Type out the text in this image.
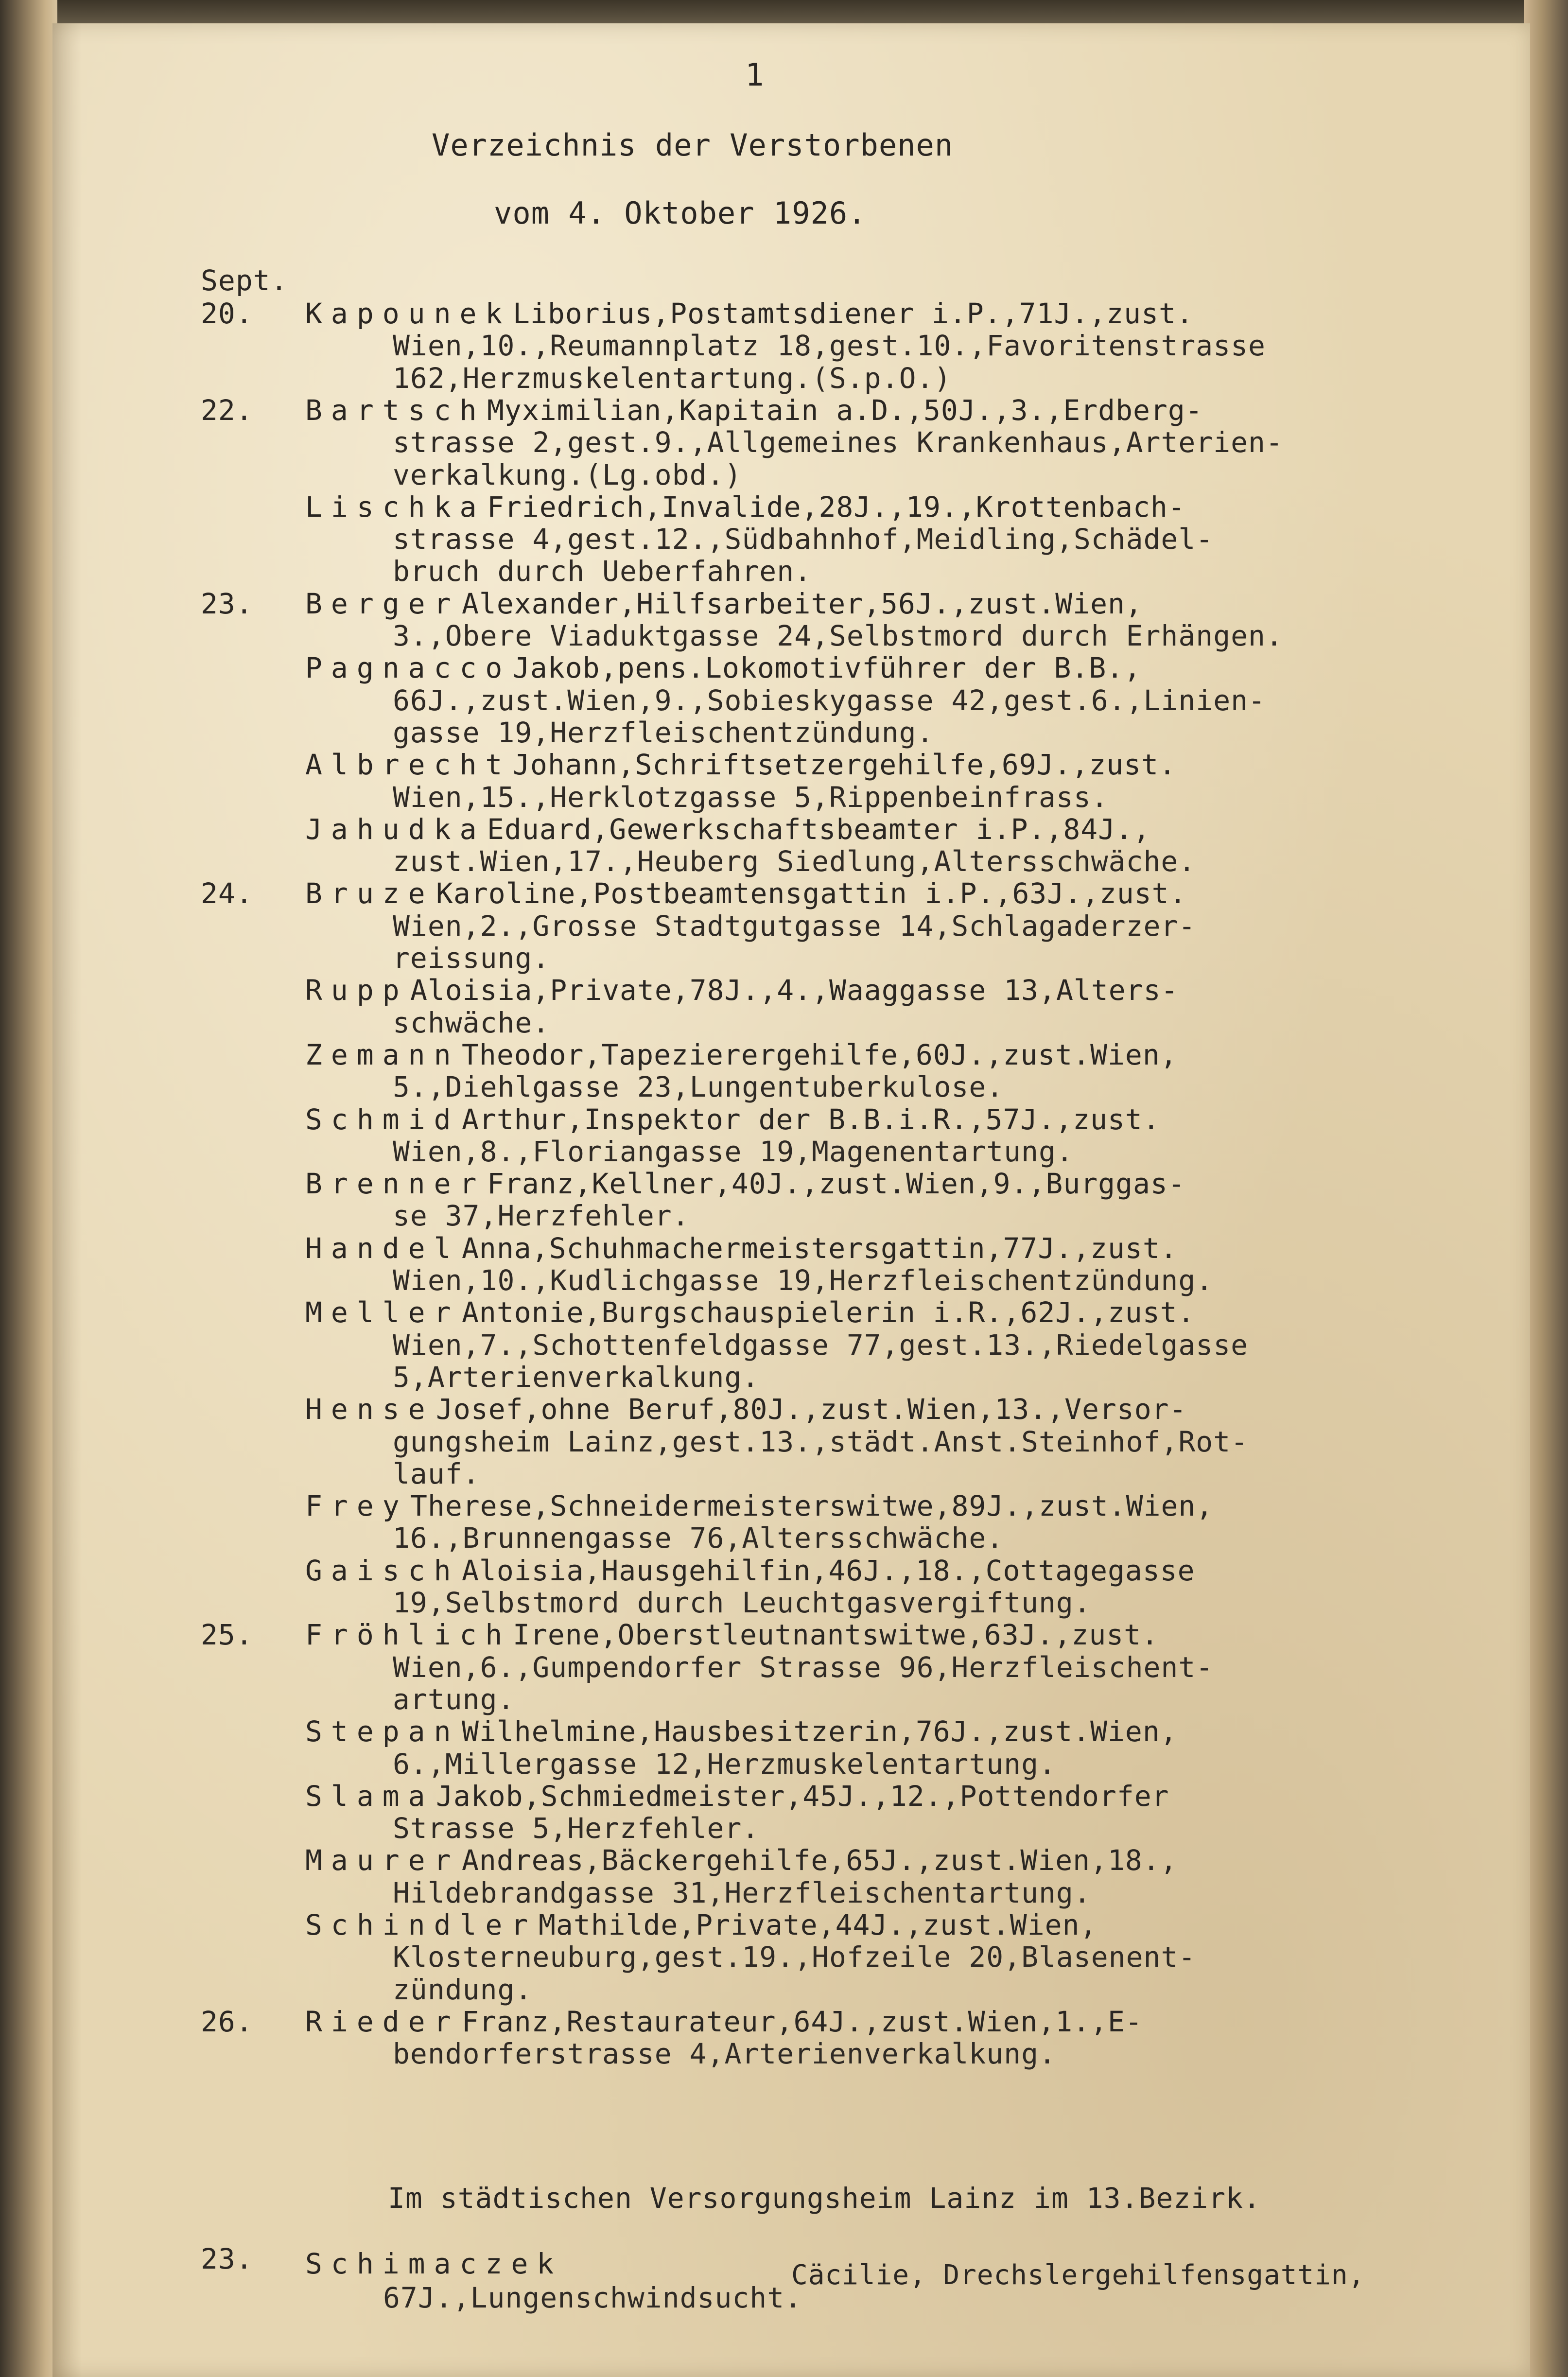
1
Verzeichnis der Verstorbenen
vom 4. Oktober 1926.
Sept.
20. Kapounek Liborius,Postamtsdiener i.P.,71J.,zust.
Wien,10.,Reumannplatz 18,gest.10.,Favoritenstrasse
162,Herzmuskelentartung.(S.p.O.)
22. Bartsch Myximilian,Kapitain a.D.,50J.,3.,Erdberg-
strasse 2,gest.9.,Allgemeines Krankenhaus,Arterien-
verkalkung.(Lg.obd.)
Lischka Friedrich,Invalide,28J.,19.,Krottenbach-
strasse 4,gest.12.,Südbahnhof,Meidling,Schädel-
bruch durch Ueberfahren.
23. Berger Alexander,Hilfsarbeiter,56J.,zust.Wien,
3.,Obere Viaduktgasse 24,Selbstmord durch Erhängen.
Pagnacco Jakob,pens.Lokomotivführer der B.B.,
66J.,zust.Wien,9.,Sobieskygasse 42,gest.6.,Linien-
gasse 19,Herzfleischentzündung.
Albrecht Johann,Schriftsetzergehilfe,69J.,zust.
Wien,15.,Herklotzgasse 5,Rippenbeinfrass.
Jahudka Eduard,Gewerkschaftsbeamter i.P.,84J.,
zust.Wien,17.,Heuberg Siedlung,Altersschwäche.
24. Bruze Karoline,Postbeamtensgattin i.P.,63J.,zust.
Wien,2.,Grosse Stadtgutgasse 14,Schlagaderzer-
reissung.
Rupp Aloisia,Private,78J.,4.,Waaggasse 13,Alters-
schwäche.
Zemann Theodor,Tapezierergehilfe,60J.,zust.Wien,
5.,Diehlgasse 23,Lungentuberkulose.
Schmid Arthur,Inspektor der B.B.i.R.,57J.,zust.
Wien,8.,Floriangasse 19,Magenentartung.
Brenner Franz,Kellner,40J.,zust.Wien,9.,Burggas-
se 37,Herzfehler.
Handel Anna,Schuhmachermeistersgattin,77J.,zust.
Wien,10.,Kudlichgasse 19,Herzfleischentzündung.
Meller Antonie,Burgschauspielerin i.R.,62J.,zust.
Wien,7.,Schottenfeldgasse 77,gest.13.,Riedelgasse
5,Arterienverkalkung.
Hense Josef,ohne Beruf,80J.,zust.Wien,13.,Versor-
gungsheim Lainz,gest.13.,städt.Anst.Steinhof,Rot-
lauf.
Frey Therese,Schneidermeisterswitwe,89J.,zust.Wien,
16.,Brunnengasse 76,Altersschwäche.
Gaisch Aloisia,Hausgehilfin,46J.,18.,Cottagegasse
19,Selbstmord durch Leuchtgasvergiftung.
25. Fröhlich Irene,Oberstleutnantswitwe,63J.,zust.
Wien,6.,Gumpendorfer Strasse 96,Herzfleischent-
artung.
Stepan Wilhelmine,Hausbesitzerin,76J.,zust.Wien,
6.,Millergasse 12,Herzmuskelentartung.
Slama Jakob,Schmiedmeister,45J.,12.,Pottendorfer
Strasse 5,Herzfehler.
Maurer Andreas,Bäckergehilfe,65J.,zust.Wien,18.,
Hildebrandgasse 31,Herzfleischentartung.
Schindler Mathilde,Private,44J.,zust.Wien,
Klosterneuburg,gest.19.,Hofzeile 20,Blasenent-
zündung.
26. Rieder Franz,Restaurateur,64J.,zust.Wien,1.,E-
bendorferstrasse 4,Arterienverkalkung.
Im städtischen Versorgungsheim Lainz im 13.Bezirk.
23. Schimaczek	Cäcilie, Drechslergehilfensgattin,
67J.,Lungenschwindsucht.
